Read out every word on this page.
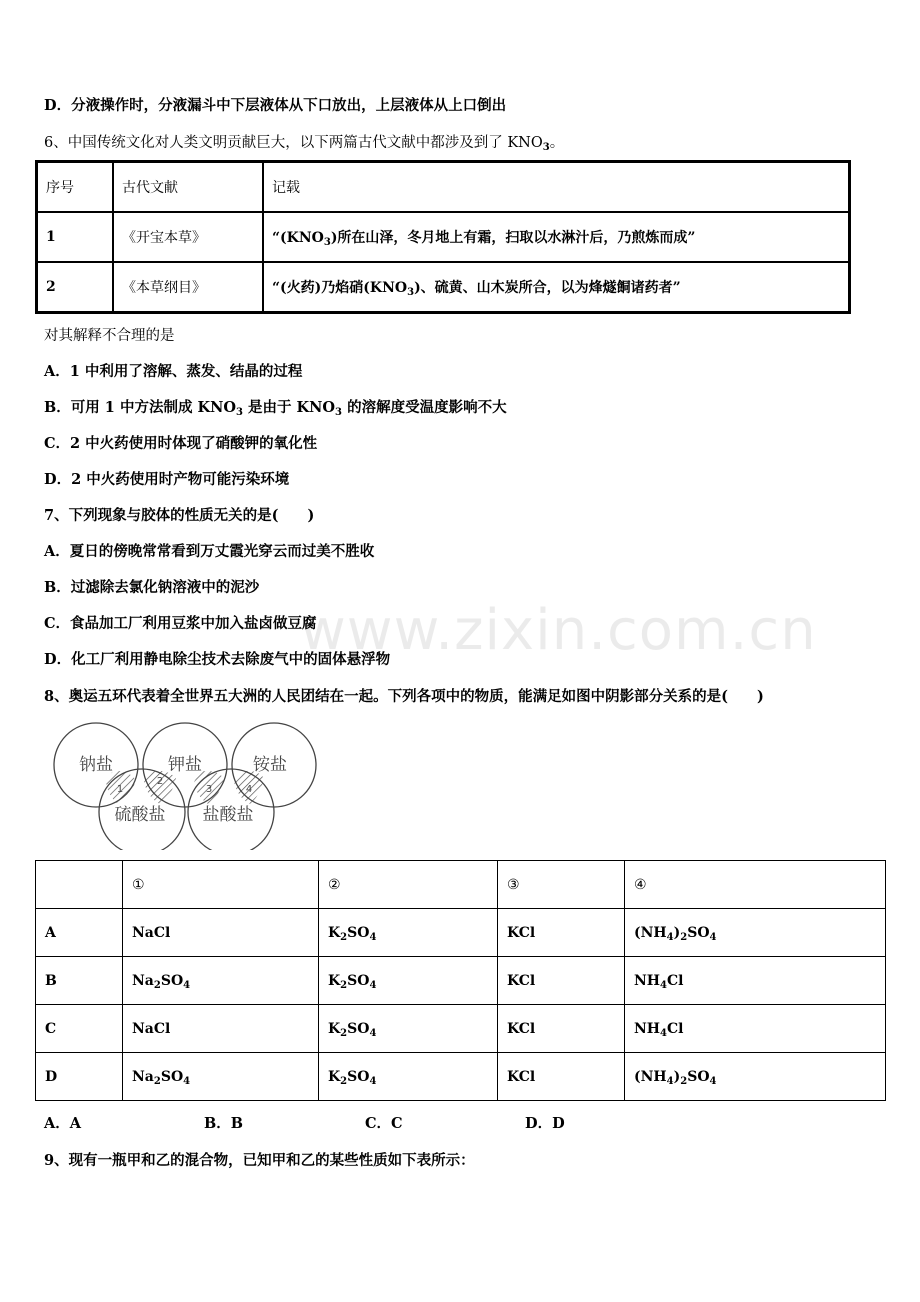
D．分液操作时，分液漏斗中下层液体从下口放出，上层液体从上口倒出
6、中国传统文化对人类文明贡献巨大，以下两篇古代文献中都涉及到了 $KNO_3$。
序号	古代文献	记载
1	《开宝本草》	“$(KNO_3)$所在山泽，冬月地上有霜，扫取以水淋汁后，乃煎炼而成”
2	《本草纲目》	“(火药)乃焰硝$(KNO_3)$、硫黄、山木炭所合，以为烽燧餇诸药者”
对其解释不合理的是
A．1 中利用了溶解、蒸发、结晶的过程
B．可用 1 中方法制成 $KNO_3$ 是由于 $KNO_3$ 的溶解度受温度影响不大
C．2 中火药使用时体现了硝酸钾的氧化性
D．2 中火药使用时产物可能污染环境
7、下列现象与胶体的性质无关的是(　　)
A．夏日的傍晚常常看到万丈霞光穿云而过美不胜收
B．过滤除去氯化钠溶液中的泥沙
C．食品加工厂利用豆浆中加入盐卤做豆腐
D．化工厂利用静电除尘技术去除废气中的固体悬浮物
www.zixin.com.cn
8、奥运五环代表着全世界五大洲的人民团结在一起。下列各项中的物质，能满足如图中阴影部分关系的是(　　)
钠盐	钾盐	铵盐
硫酸盐 盐酸盐
1
2
3	4
	①	②	③	④
A	NaCl	$K_2SO_4$	KCl	$(NH_4)_2SO_4$
B	$Na_2SO_4$	$K_2SO_4$	KCl	$NH_4Cl$
C	NaCl	$K_2SO_4$	KCl	$NH_4Cl$
D	$Na_2SO_4$	$K_2SO_4$	KCl	$(NH_4)_2SO_4$
A．A	B．B	C．C	D．D
9、现有一瓶甲和乙的混合物，已知甲和乙的某些性质如下表所示：
